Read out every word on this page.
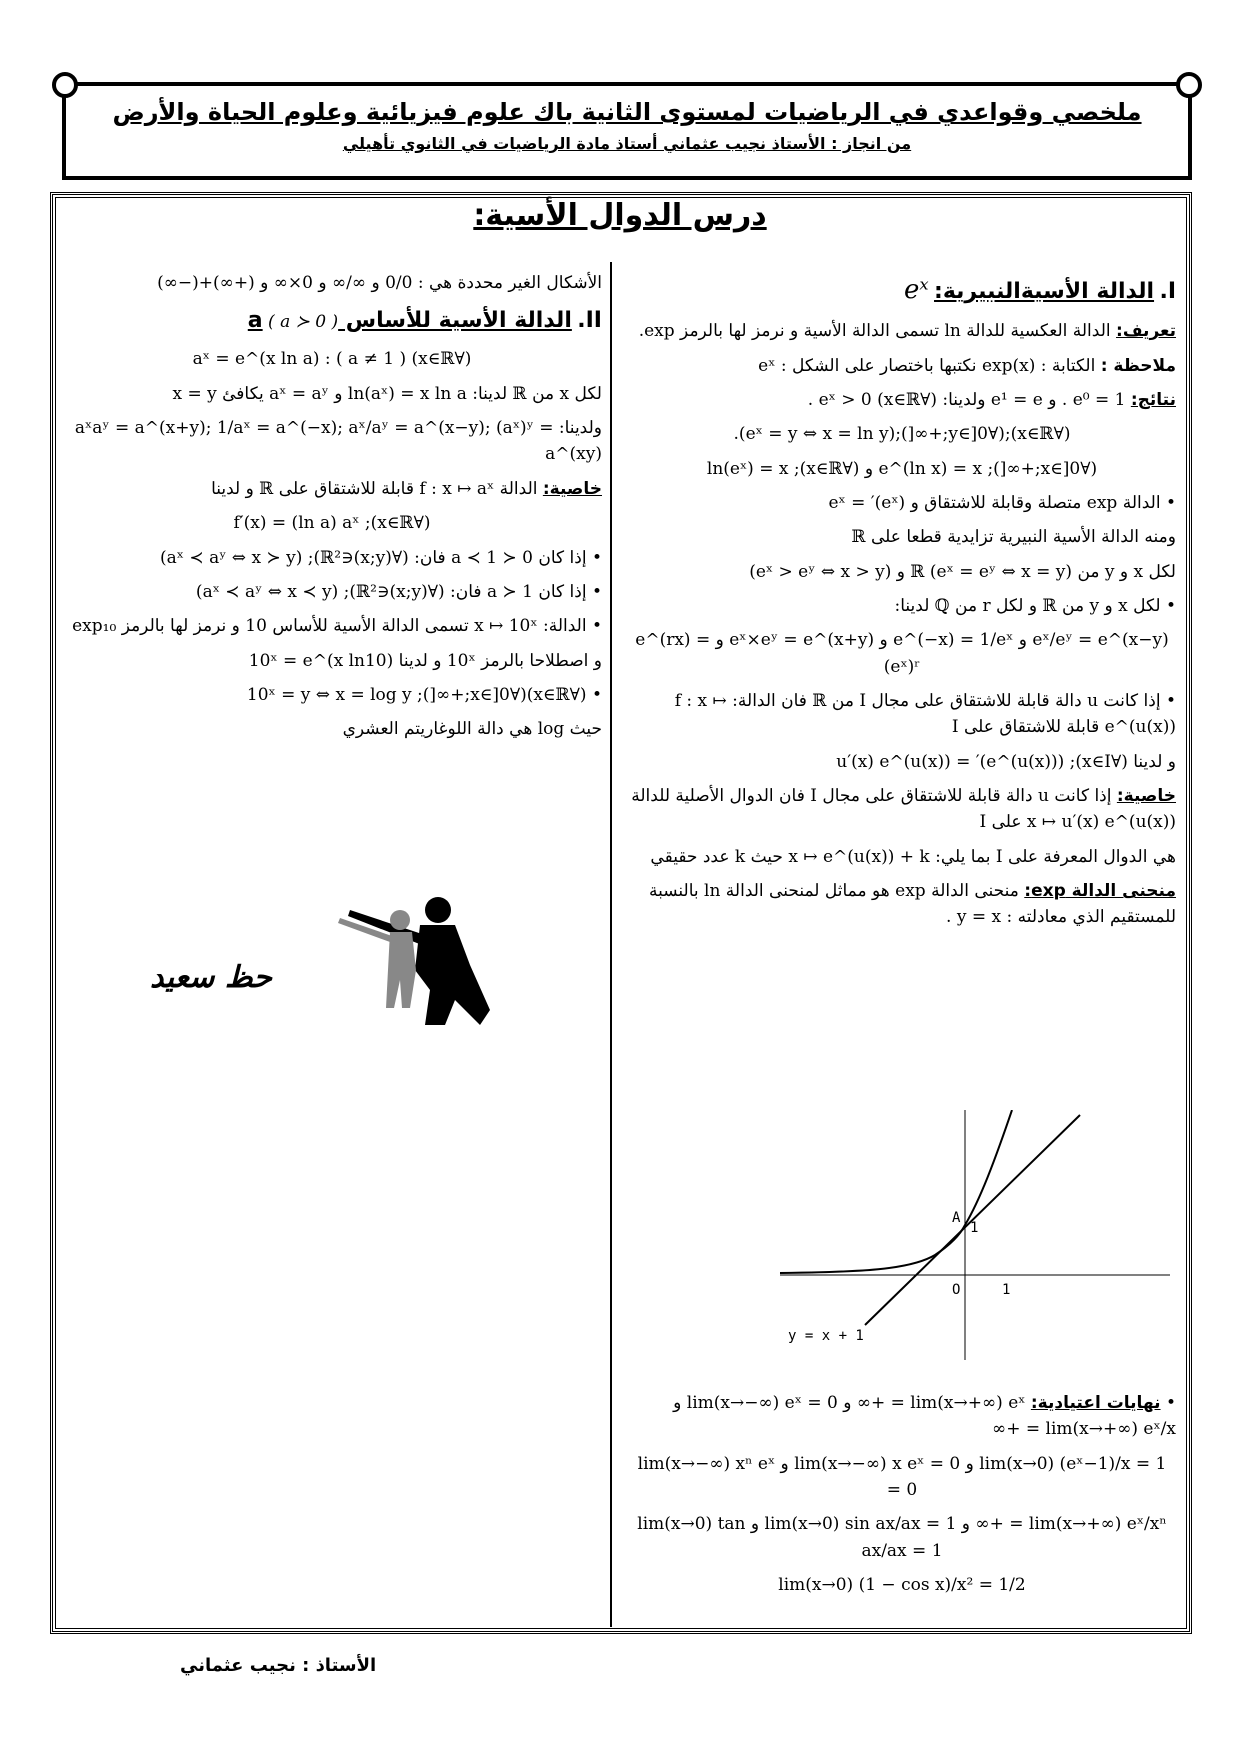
ملخصي وقواعدي في الرياضيات لمستوى الثانية باك علوم فيزيائية وعلوم الحياة والأرض
من انجاز : الأستاذ نجيب عثماني أستاذ مادة الرياضيات في الثانوي تأهيلي
درس الدوال الأسية:

I. الدالة الأسيةالنبيرية: eˣ

تعريف: الدالة العكسية للدالة ln تسمى الدالة الأسية و نرمز لها بالرمز exp.

ملاحظة : الكتابة : exp(x) نكتبها باختصار على الشكل : eˣ

نتائج: e⁰ = 1 . و e¹ = e ولدينا: (∀x∈ℝ) eˣ > 0 .

(∀x∈ℝ);(∀y∈]0;+∞[);(eˣ = y ⇔ x = ln y).

(∀x∈]0;+∞[); e^(ln x) = x و (∀x∈ℝ); ln(eˣ) = x

• الدالة exp متصلة وقابلة للاشتقاق و (eˣ)′ = eˣ

ومنه الدالة الأسية النبيرية تزايدية قطعا على ℝ

لكل x و y من ℝ (eˣ = eʸ ⇔ x = y) و (eˣ > eʸ ⇔ x > y)

• لكل x و y من ℝ و لكل r من ℚ لدينا:

eˣ/eʸ = e^(x−y) و e^(−x) = 1/eˣ و eˣ×eʸ = e^(x+y) و e^(rx) = (eˣ)ʳ

• إذا كانت u دالة قابلة للاشتقاق على مجال I من ℝ فان الدالة: f : x ↦ e^(u(x)) قابلة للاشتقاق على I

و لدينا (∀x∈I); (e^(u(x)))′ = u′(x) e^(u(x))

خاصية: إذا كانت u دالة قابلة للاشتقاق على مجال I فان الدوال الأصلية للدالة x ↦ u′(x) e^(u(x)) على I

هي الدوال المعرفة على I بما يلي: x ↦ e^(u(x)) + k حيث k عدد حقيقي

منحنى الدالة exp: منحنى الدالة exp هو مماثل لمنحنى الدالة ln بالنسبة للمستقيم الذي معادلته : y = x .

A
1
O	1
y = x + 1

• نهايات اعتيادية: lim(x→+∞) eˣ = +∞ و lim(x→−∞) eˣ = 0 و lim(x→+∞) eˣ/x = +∞

lim(x→0) (eˣ−1)/x = 1 و lim(x→−∞) x eˣ = 0 و lim(x→−∞) xⁿ eˣ = 0

lim(x→+∞) eˣ/xⁿ = +∞ و lim(x→0) sin ax/ax = 1 و lim(x→0) tan ax/ax = 1

lim(x→0) (1 − cos x)/x² = 1/2

الأشكال الغير محددة هي : 0/0 و ∞/∞ و 0×∞ و (+∞)+(−∞)

II. الدالة الأسية للأساس a ( a ≻ 0 )

(∀x∈ℝ) aˣ = e^(x ln a) : ( a ≠ 1 )

لكل x من ℝ لدينا: ln(aˣ) = x ln a و aˣ = aʸ يكافئ x = y

ولدينا: aˣaʸ = a^(x+y); 1/aˣ = a^(−x); aˣ/aʸ = a^(x−y); (aˣ)ʸ = a^(xy)

خاصية: الدالة f : x ↦ aˣ قابلة للاشتقاق على ℝ و لدينا

(∀x∈ℝ); f′(x) = (ln a) aˣ

• إذا كان 0 ≺ a ≺ 1 فان: (∀(x;y)∈ℝ²); (aˣ ≺ aʸ ⇔ x ≻ y)

• إذا كان a ≻ 1 فان: (∀(x;y)∈ℝ²); (aˣ ≺ aʸ ⇔ x ≺ y)

• الدالة: x ↦ 10ˣ تسمى الدالة الأسية للأساس 10 و نرمز لها بالرمز exp₁₀

و اصطلاحا بالرمز 10ˣ و لدينا 10ˣ = e^(x ln10)

• (∀x∈ℝ)(∀x∈]0;+∞[); 10ˣ = y ⇔ x = log y

حيث log هي دالة اللوغاريتم العشري

حظ سعيد
الأستاذ : نجيب عثماني
